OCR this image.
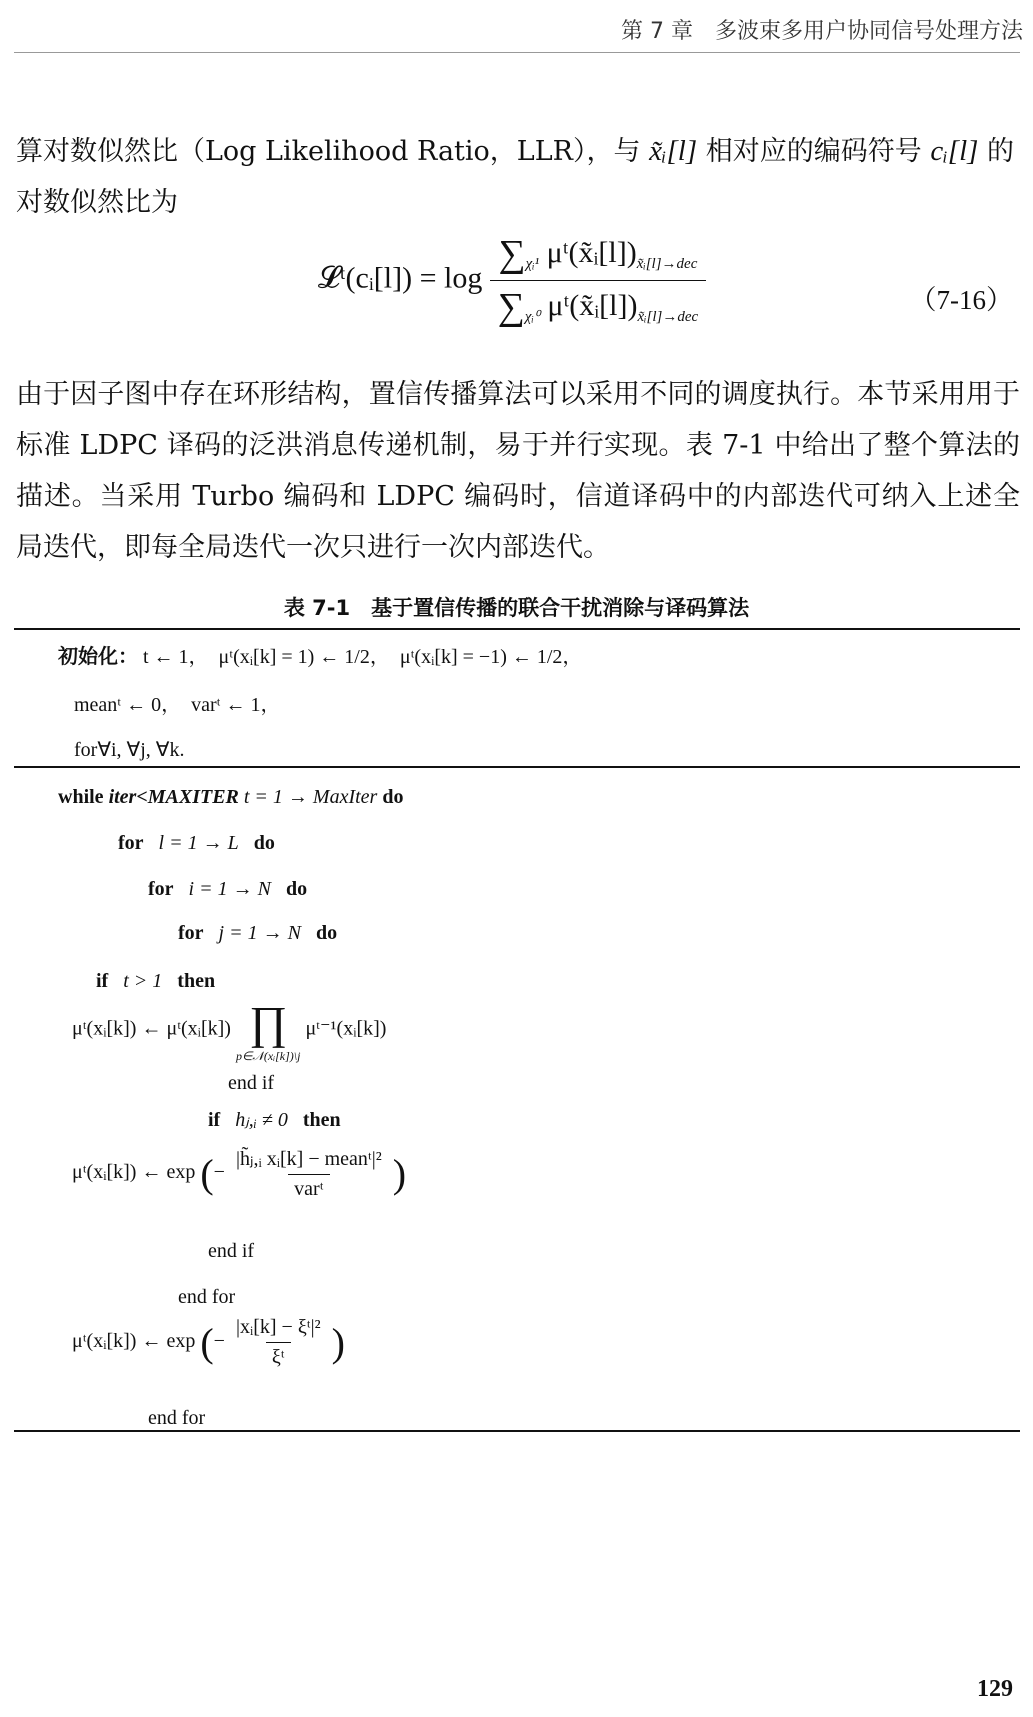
第 7 章　 多波束多用户协同信号处理方法
算对数似然比（Log Likelihood Ratio，LLR），与 x̃ᵢ[l] 相对应的编码符号 cᵢ[l] 的
对数似然比为
𝓛ᵗ(cᵢ[l]) = $\log \frac{\sum_{\chi ᵢ^1} \mu ᵗ(x̃ᵢ[l])_{x̃ᵢ[l]\to dec}}{\sum_{\chi ᵢ^0} \mu ᵗ(x̃ᵢ[l])_{x̃ᵢ[l]\to dec}}$	（7-16）
由于因子图中存在环形结构，置信传播算法可以采用不同的调度执行。本节采用用于标准 LDPC 译码的泛洪消息传递机制，易于并行实现。表 7-1 中给出了整个算法的描述。当采用 Turbo 编码和 LDPC 编码时，信道译码中的内部迭代可纳入上述全局迭代，即每全局迭代一次只进行一次内部迭代。
表 7-1　基于置信传播的联合干扰消除与译码算法
初始化： t ← 1，　μᵗ(xᵢ[k] = 1) ← 1/2，　μᵗ(xᵢ[k] = −1) ← 1/2，
meanᵗ ← 0，　varᵗ ← 1，
for∀i, ∀j, ∀k.
while iter<MAXITER t = 1 → MaxIter do
for l = 1 → L do
for i = 1 → N do
for j = 1 → N do
if t > 1 then
μᵗ(xᵢ[k]) ← μᵗ(xᵢ[k]) ∏
p∈𝒩(xᵢ[k])\j
μᵗ⁻¹(xᵢ[k])
end if
if hⱼ,ᵢ ≠ 0 then
μᵗ(xᵢ[k]) ← exp (−
|h̃ⱼ,ᵢ xᵢ[k] − meanᵗ|²
varᵗ )
end if
end for
μᵗ(xᵢ[k]) ← exp (− $\frac{\text{|xᵢ[k] − ξᵗ|²}}{\text{ξᵗ}}$ )
end for
129
